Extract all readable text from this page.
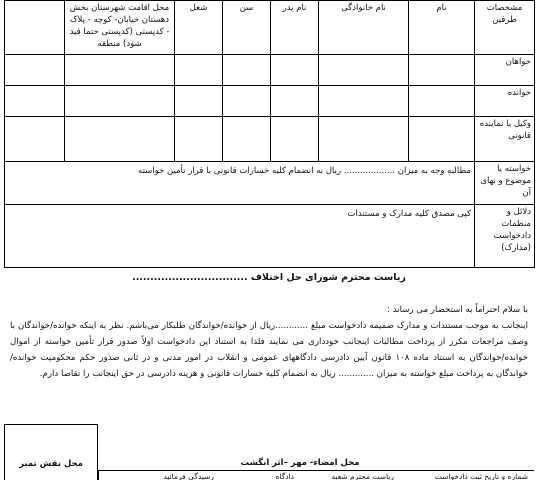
مشخصات طرفین	نام	نام خانوادگی	نام پدر	سن	شغل	محل اقامت شهرستان بخش دهستان خیابان- کوچه - پلاک - کدپستی (کدپستی حتما قید شود) منطقه	
خواهان							
خوانده							
وکیل یا نماینده قانونی							
خواسته یا موضوع و بهای آن	مطالبه وجه به میزان ................... ریال به انضمام کلیه خسارات قانونی با قرار تأمین خواسته						
دلائل و منظمات دادخواست (مدارک)	کپی مصدق کلیه مدارک و مستندات						
ریاست محترم شورای حل اختلاف ................................

با سلام احتراماً به استحضار می رساند :

اینجانب به موجب مستندات و مدارک ضمیمه دادخواست مبلغ ............ریال از خوانده/خواندگان طلبکار می‌باشم. نظر به اینکه خوانده/خواندگان با وصف مراجعات مکرر از پرداخت مطالبات اینجانب خودداری می نمایند فلذا به استناد این دادخواست اولاً صدور قرار تأمین خواسته از اموال خوانده/خواندگان به استناد ماده ۱۰۸ قانون آیین دادرسی دادگاههای عمومی و انقلاب در امور مدنی و در ثانی صدور حکم محکومیت خوانده/خواندگان به پرداخت مبلغ خواسته به میزان ............. ریال به انضمام کلیه خسارات قانونی و هزینه دادرسی در حق اینجانب را تقاضا دارم.

محل نقش تمبر	محل امضاء- مهر –اثر انگشت
شماره و تاریخ ثبت دادخواست
ریاست محترم شعبه
دادگاه
رسیدگی فرمائید
